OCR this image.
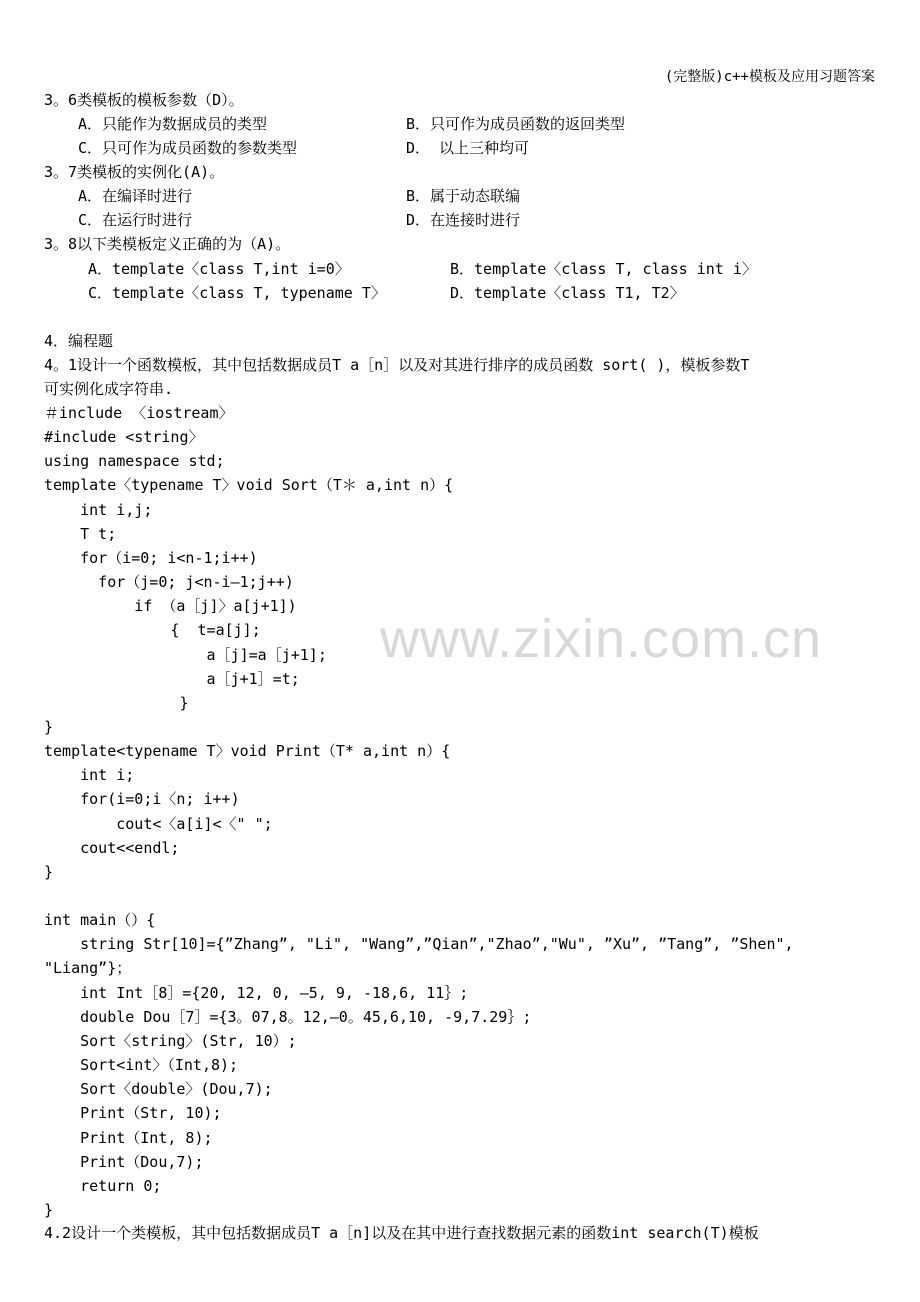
(完整版)c++模板及应用习题答案
www.zixin.com.cn
3。6类模板的模板参数（D）。
A．只能作为数据成员的类型	B．只可作为成员函数的返回类型
C．只可作为成员函数的参数类型	D． 以上三种均可
3。7类模板的实例化(A)。
A．在编译时进行	B．属于动态联编
C．在运行时进行	D．在连接时进行
3。8以下类模板定义正确的为（A)。
A．template〈class T,int i=0〉	B．template〈class T, class int i〉
C．template〈class T, typename T〉	D．template〈class T1, T2〉
4．编程题
4。1设计一个函数模板，其中包括数据成员T a［n］以及对其进行排序的成员函数 sort( )，模板参数T
可实例化成字符串.
＃include 〈iostream〉
#include <string〉
using namespace std;
template〈typename T〉void Sort（T＊ a,int n）{
int i,j;
T t;
for（i=0; i<n-1;i++)
for（j=0; j<n-i—1;j++)
if （a［j]〉a[j+1])
{  t=a[j];
a［j]=a［j+1];
a［j+1］=t;
}
}
template<typename T〉void Print（T* a,int n）{
int i;
for(i=0;i〈n; i++)
cout<〈a[i]<〈" ";
cout<<endl;
}
int main（）{
string Str[10]={”Zhang”, "Li", "Wang”,”Qian”,"Zhao”,"Wu", ”Xu”, ”Tang”, ”Shen",
"Liang”}；
int Int［8］={20, 12, 0, —5, 9, -18,6, 11｝;
double Dou［7］={3。07,8。12,—0。45,6,10, -9,7.29｝;
Sort〈string〉(Str, 10）;
Sort<int〉（Int,8);
Sort〈double〉(Dou,7);
Print（Str, 10);
Print（Int, 8);
Print（Dou,7);
return 0;
}
4.2设计一个类模板，其中包括数据成员T a［n]以及在其中进行查找数据元素的函数int search(T)模板
